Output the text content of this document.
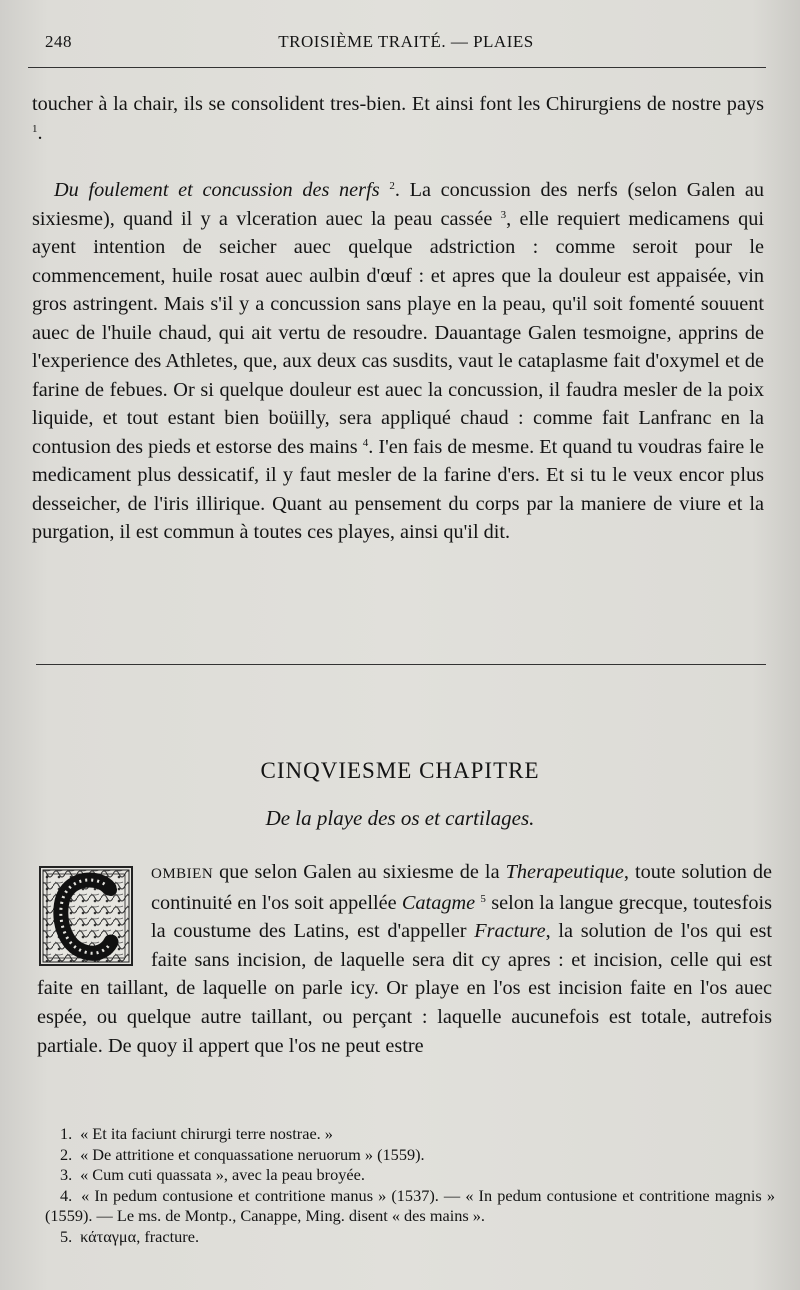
248	TROISIÈME TRAITÉ. — PLAIES

toucher à la chair, ils se consolident tres-bien. Et ainsi font les Chirurgiens de nostre pays $^1$.

Du foulement et concussion des nerfs $^2$. La concussion des nerfs (selon Galen au sixiesme), quand il y a vlceration auec la peau cassée $^3$, elle requiert medicamens qui ayent intention de seicher auec quelque adstriction : comme seroit pour le commencement, huile rosat auec aulbin d'œuf : et apres que la douleur est appaisée, vin gros astringent. Mais s'il y a concussion sans playe en la peau, qu'il soit fomenté souuent auec de l'huile chaud, qui ait vertu de resoudre. Dauantage Galen tesmoigne, apprins de l'experience des Athletes, que, aux deux cas susdits, vaut le cataplasme fait d'oxymel et de farine de febues. Or si quelque douleur est auec la concussion, il faudra mesler de la poix liquide, et tout estant bien boüilly, sera appliqué chaud : comme fait Lanfranc en la contusion des pieds et estorse des mains $^4$. I'en fais de mesme. Et quand tu voudras faire le medicament plus dessicatif, il y faut mesler de la farine d'ers. Et si tu le veux encor plus desseicher, de l'iris illirique. Quant au pensement du corps par la maniere de viure et la purgation, il est commun à toutes ces playes, ainsi qu'il dit.

CINQVIESME CHAPITRE
De la playe des os et cartilages.

OMBIEN que selon Galen au sixiesme de la Therapeutique, toute solution de continuité en l'os soit appellée Catagme $^5$ selon la langue grecque, toutesfois la coustume des Latins, est d'appeller Fracture, la solution de l'os qui est faite sans incision, de laquelle sera dit cy apres : et incision, celle qui est faite en taillant, de laquelle on parle icy. Or playe en l'os est incision faite en l'os auec espée, ou quelque autre taillant, ou perçant : laquelle aucunefois est totale, autrefois partiale. De quoy il appert que l'os ne peut estre

1. « Et ita faciunt chirurgi terre nostrae. »
2. « De attritione et conquassatione neruorum » (1559).
3. « Cum cuti quassata », avec la peau broyée.
4. « In pedum contusione et contritione manus » (1537). — « In pedum contusione et contritione magnis » (1559). — Le ms. de Montp., Canappe, Ming. disent « des mains ».
5. κάταγμα, fracture.
